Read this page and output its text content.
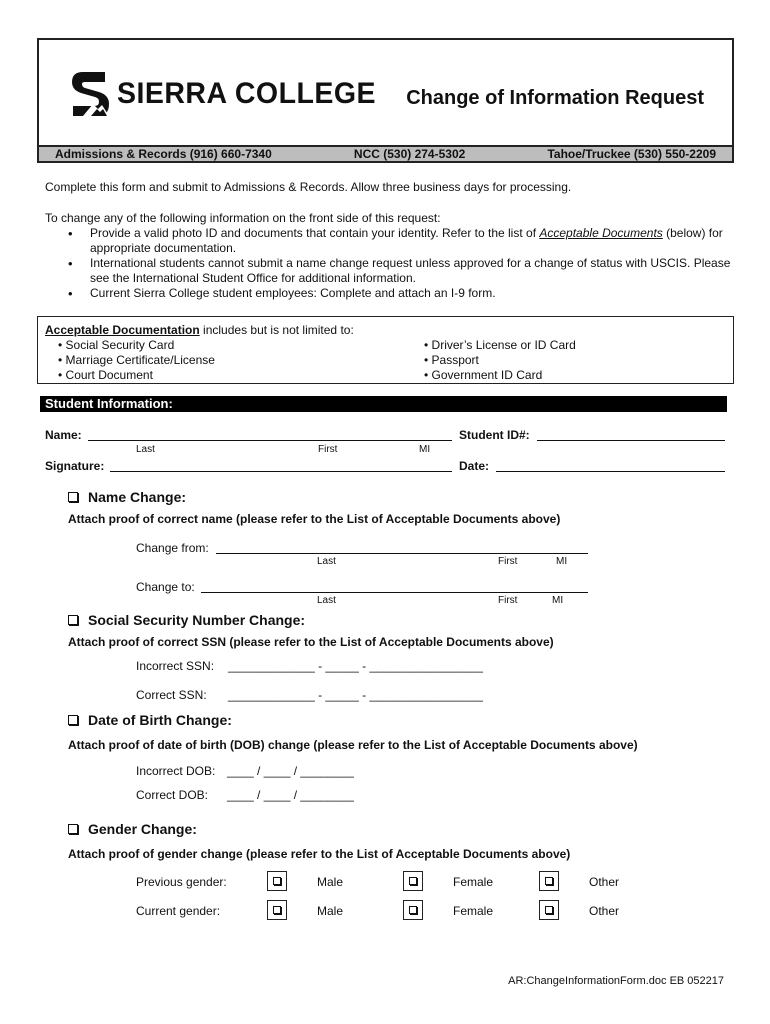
SIERRA COLLEGE Change of Information Request
Admissions & Records (916) 660-7340	NCC (530) 274-5302	Tahoe/Truckee (530) 550-2209
Complete this form and submit to Admissions & Records. Allow three business days for processing.
To change any of the following information on the front side of this request:
• Provide a valid photo ID and documents that contain your identity. Refer to the list of Acceptable Documents (below) for appropriate documentation.
• International students cannot submit a name change request unless approved for a change of status with USCIS. Please see the International Student Office for additional information.
• Current Sierra College student employees: Complete and attach an I-9 form.
Acceptable Documentation includes but is not limited to:
• Social Security Card
• Marriage Certificate/License
• Court Document
• Driver’s License or ID Card
• Passport
• Government ID Card
Student Information:
Name:
Last	First	MI
Student ID#:
Signature:	Date:
Name Change:
Attach proof of correct name (please refer to the List of Acceptable Documents above)
Change from:
Last	First	MI
Change to:
Last	First	MI
Social Security Number Change:
Attach proof of correct SSN (please refer to the List of Acceptable Documents above)
Incorrect SSN: _____________ - _____ - _________________
Correct SSN: _____________ - _____ - _________________
Date of Birth Change:
Attach proof of date of birth (DOB) change (please refer to the List of Acceptable Documents above)
Incorrect DOB: ____ / ____ / ________
Correct DOB: ____ / ____ / ________
Gender Change:
Attach proof of gender change (please refer to the List of Acceptable Documents above)
Previous gender:	Male	Female	Other
Current gender:	Male	Female	Other
AR:ChangeInformationForm.doc EB 052217
